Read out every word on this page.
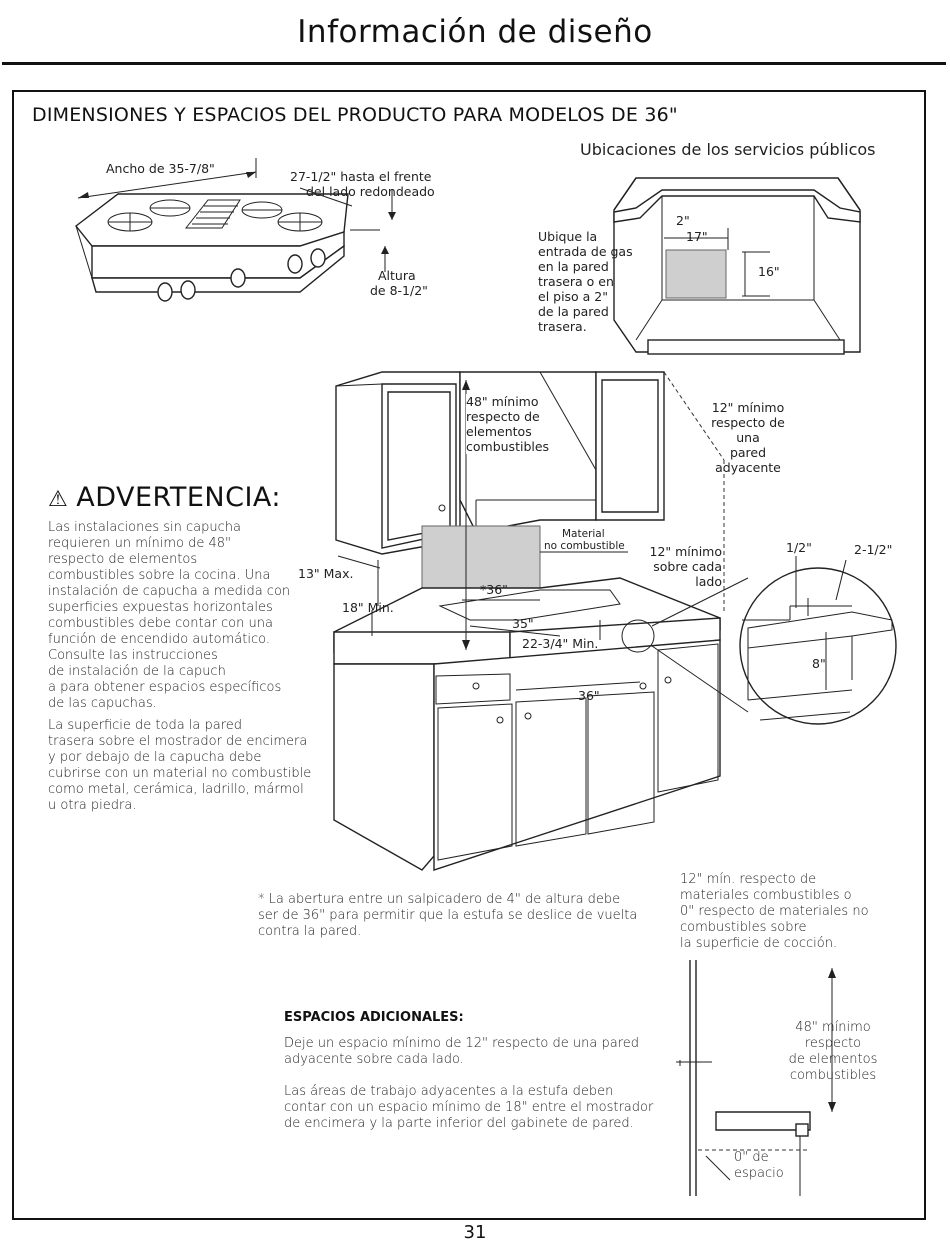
Información de diseño
DIMENSIONES Y ESPACIOS DEL PRODUCTO PARA MODELOS DE 36"
Ancho de 35-7/8"
27-1/2" hasta el frente
del lado redondeado
Altura
de 8-1/2"
Ubicaciones de los servicios públicos
Ubique la
entrada de gas
en la pared
trasera o en
el piso a 2"
de la pared
trasera.
2"
17"
16"
⚠ ADVERTENCIA:
Las instalaciones sin capucha
requieren un mínimo de 48"
respecto de elementos
combustibles sobre la cocina. Una
instalación de capucha a medida con
superficies expuestas horizontales
combustibles debe contar con una
función de encendido automático.
Consulte las instrucciones
de instalación de la capuch
a para obtener espacios específicos
de las capuchas.
La superficie de toda la pared
trasera sobre el mostrador de encimera
y por debajo de la capucha debe
cubrirse con un material no combustible
como metal, cerámica, ladrillo, mármol
u otra piedra.
48" mínimo
respecto de
elementos
combustibles
12" mínimo
respecto de una
pared adyacente
Material
no combustible	12" mínimo
sobre cada lado
13" Max.
18" Min.
*36"
35"
22-3/4" Min.
36"
1/2"	2-1/2"
8"
* La abertura entre un salpicadero de 4" de altura debe
ser de 36" para permitir que la estufa se deslice de vuelta
contra la pared.
12" mín. respecto de
materiales combustibles o
0" respecto de materiales no
combustibles sobre
la superficie de cocción.
48" mínimo
respecto
de elementos
combustibles
0" de
espacio
ESPACIOS ADICIONALES:
Deje un espacio mínimo de 12" respecto de una pared
adyacente sobre cada lado.
Las áreas de trabajo adyacentes a la estufa deben
contar con un espacio mínimo de 18" entre el mostrador
de encimera y la parte inferior del gabinete de pared.
31
